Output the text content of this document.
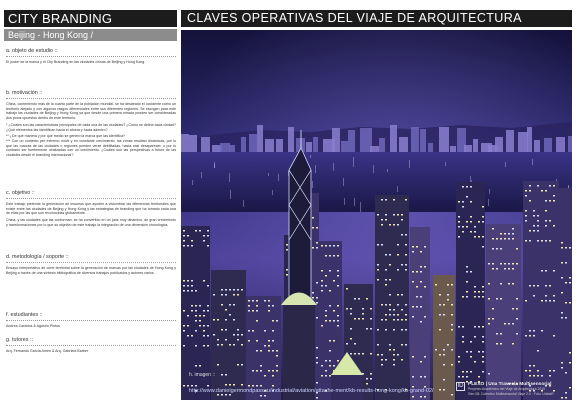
CITY BRANDING
Beijing - Hong Kong /
a. objeto de estudio ::
El poder de la marca y el City Branding en las ciudades chinas de Beijing y Hong Kong.
b. motivación ::

China, conteniendo más de la cuarta parte de la población mundial, se ha desdeado el occidente como un territorio alejado y con algunos rasgos diferenciales entre sus diferentes regiones. Se escogen para este trabajo las ciudades de Beijing y Hong Kong ya que desde una primera mirada pueden ser consideradas dos polos opuestos dentro de este territorio.

* ¿Cuáles son las características principales de cada una de las ciudades? ¿Cómo se define cada ciudad? ¿Qué elementos las identifican hacia el afuera y hacia adentro?

** ¿De qué manera y por que medio se generó la marca que las identifica?

*** Con un contexto per extremo móvil y en constante crecimiento, las zonas resultan dinámicas, por lo que las marcas de las ciudades o regiones pueden verse debilitadas, hasta casi desaparecer, o por lo contrario ser fuertemente viralizadas con un crecimiento. ¿Cuáles son las perspectivas a futuro de las ciudades desde el branding internacional?

c. objetivo ::

Este trabajo pretende la generación de insumos que ayuden a vislumbrar las diferencias territoriales que existe entre las ciudades de Beijing y Hong Kong y las estrategias de branding que ha tomado cada una de ellas por las que son reconocidas globalmente.

China, y las ciudades que las conforman, se ha convertido en un país muy dinámico, de gran crecimiento y transformaciones por lo que su objetivo de este trabajo la integración de una dimensión cronológica.

d. metodología / soporte ::
Ensayo Interpretativo de corte territorial sobre la generación de marcas por las ciudades de Hong Kong y Beijing a través de una síntesis bibliográfica de diversos trabajos publicados y autores varios.
f. estudiantes ::
Andrea Cardona & Agustín Pintos
g. tutores ::
Arq. Fernando García Amen & Arq. Gabriela Barber
CLAVES OPERATIVAS DEL VIAJE DE ARQUITECTURA
h. imagen ::
http://www.danielgermondpassau/industrial/aviation/attache-ment/kb-results-hong-kong/kb-grand-02/
ID PLEXO | Una Travesía Multisensorial
Proyecto Académico del Viaje de Arquitectura 2019
Gen 08: Colectivo Multisensorial Viaje 2.0 · Foto: UdelaR
